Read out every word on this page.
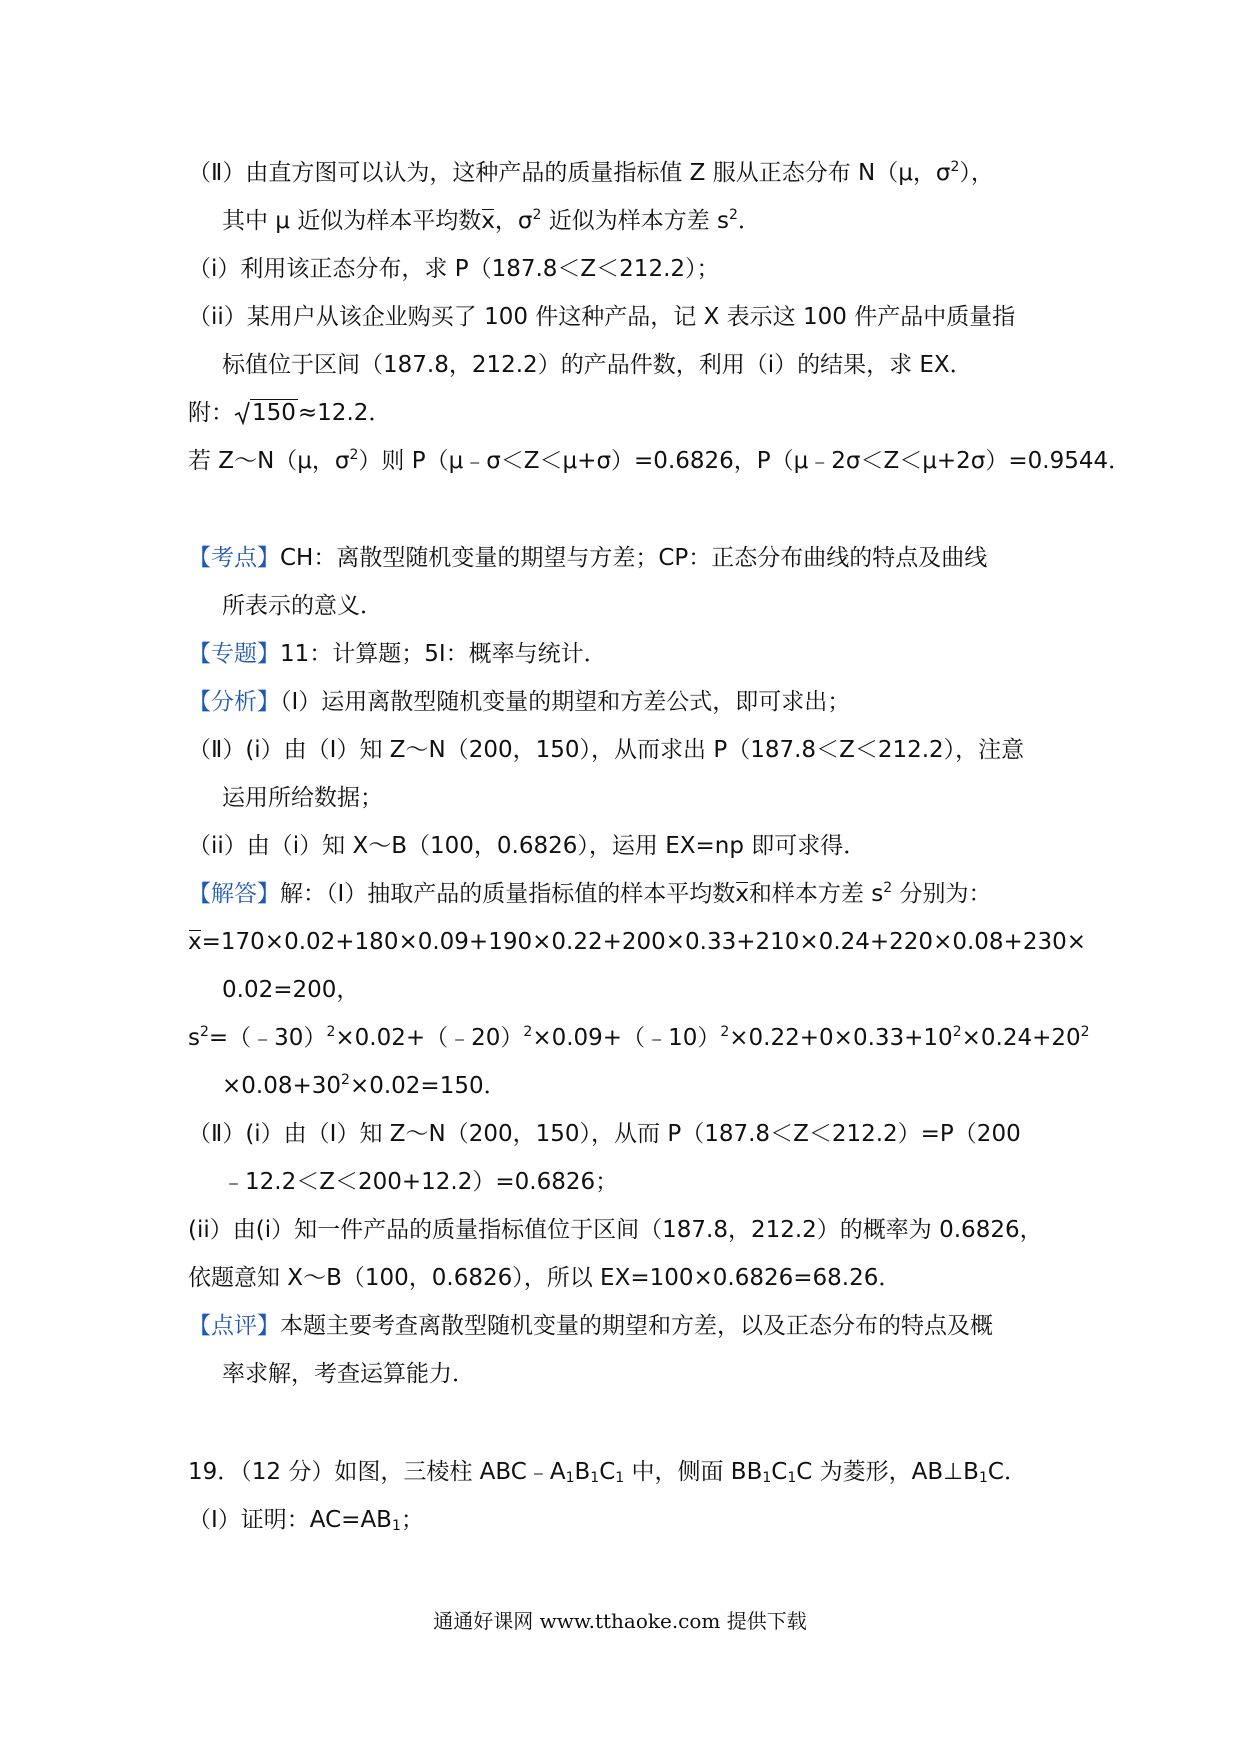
（Ⅱ）由直方图可以认为，这种产品的质量指标值 Z 服从正态分布 N（μ，$\sigma^2$），
其中 μ 近似为样本平均数x，$\sigma^2$ 近似为样本方差 $s^2$．
（i）利用该正态分布，求 P（187.8＜Z＜212.2）；
（ii）某用户从该企业购买了 100 件这种产品，记 X 表示这 100 件产品中质量指
标值位于区间（187.8，212.2）的产品件数，利用（i）的结果，求 EX．
附： 150≈12.2．
若 Z～N（μ，$\sigma^2$）则 P（μ﹣σ＜Z＜μ+σ）=0.6826，P（μ﹣2σ＜Z＜μ+2σ）=0.9544．
【考点】CH：离散型随机变量的期望与方差；CP：正态分布曲线的特点及曲线
所表示的意义．
【专题】11：计算题；5I：概率与统计．
【分析】（Ⅰ）运用离散型随机变量的期望和方差公式，即可求出；
（Ⅱ）(i）由（Ⅰ）知 Z～N（200，150），从而求出 P（187.8＜Z＜212.2），注意
运用所给数据；
（ii）由（i）知 X～B（100，0.6826），运用 EX=np 即可求得．
【解答】解：（Ⅰ）抽取产品的质量指标值的样本平均数x和样本方差 $s^2$ 分别为：
x=170×0.02+180×0.09+190×0.22+200×0.33+210×0.24+220×0.08+230×
0.02=200，
$s^2=(﹣30)^2\times 0.02+(﹣20)^2\times 0.09+(﹣10)^2\times 0.22+0\times 0.33+10^2\times 0.24+20^2$
$\times 0.08+30^2\times 0.02=150$．
（Ⅱ）(i）由（Ⅰ）知 Z～N（200，150），从而 P（187.8＜Z＜212.2）=P（200
﹣12.2＜Z＜200+12.2）=0.6826；
(ii）由(i）知一件产品的质量指标值位于区间（187.8，212.2）的概率为 0.6826，
依题意知 X～B（100，0.6826），所以 EX=100×0.6826=68.26．
【点评】本题主要考查离散型随机变量的期望和方差，以及正态分布的特点及概
率求解，考查运算能力．
19．（12 分）如图，三棱柱 $ABC﹣A_1B_1C_1$ 中，侧面 $BB_1C_1C$ 为菱形，$AB\perp B_1C$．
（Ⅰ）证明：$AC=AB_1$；
通通好课网 www.tthaoke.com 提供下载
